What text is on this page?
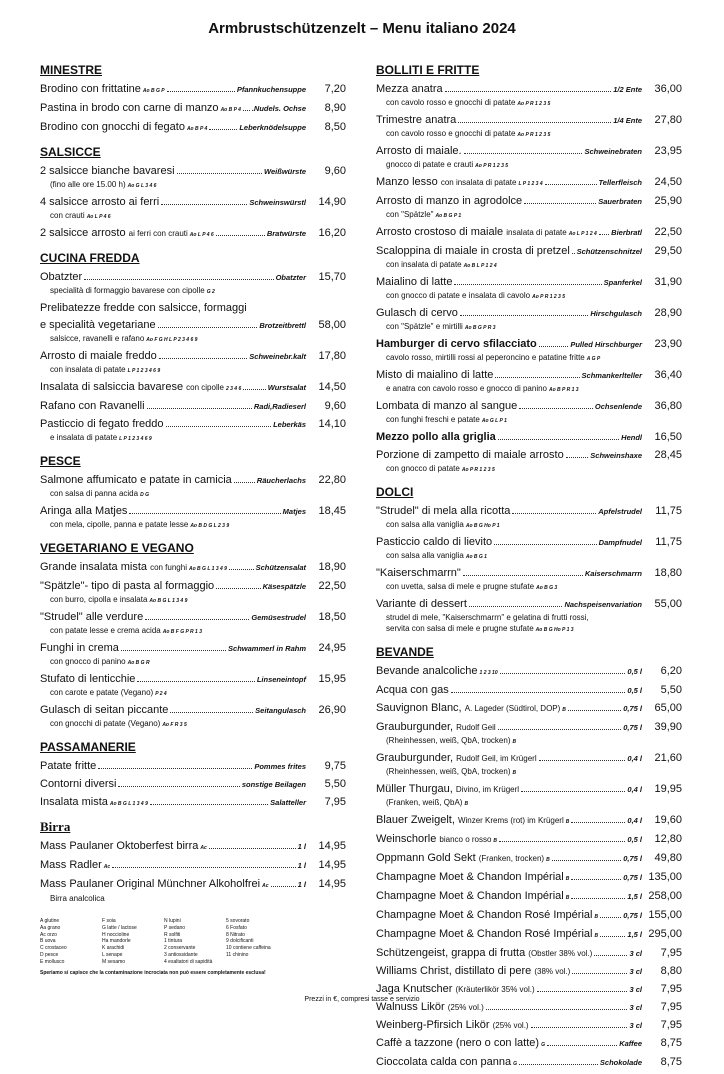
Armbrustschützenzelt – Menu italiano 2024
MINESTRE
Brodino con frittatine Ao B G P	Pfannkuchensuppe	7,20
Pastina in brodo con carne di manzo Ao B P 4 .Nudels. Ochse	8,90
Brodino con gnocchi di fegato Ao B P 4	Leberknödelsuppe	8,50
SALSICCE
2 salsicce bianche bavaresi	Weißwürste	9,60
(fino alle ore 15.00 h) Ao G L 3 4 6
4 salsicce arrosto ai ferri	Schweinswürstl	14,90
con crauti Ao L P 4 6
2 salsicce arrosto ai ferri con crauti Ao L P 4 6	Bratwürste	16,20
CUCINA FREDDA
Obatzter	Obatzter	15,70
specialità di formaggio bavarese con cipolle G 2
Prelibatezze fredde con salsicce, formaggi
e specialità vegetariane	Brotzeitbrettl	58,00
salsicce, ravanelli e rafano Ao F G H L P 2 3 4 6 9
Arrosto di maiale freddo	Schweinebr.kalt	17,80
con insalata di patate L P 1 2 3 4 6 9
Insalata di salsiccia bavarese con cipolle 2 3 4 6	Wurstsalat	14,50
Rafano con Ravanelli	Radi,Radieserl	9,60
Pasticcio di fegato freddo	Leberkäs	14,10
e insalata di patate L P 1 2 3 4 6 9
PESCE
Salmone affumicato e patate in camicia	Räucherlachs	22,80
con salsa di panna acida D G
Aringa alla Matjes	Matjes	18,45
con mela, cipolle, panna e patate lesse Ao B D G L 2 3 9
VEGETARIANO E VEGANO
Grande insalata mista con funghi Ao B G L 1 3 4 9	Schützensalat	18,90
"Spätzle"- tipo di pasta al formaggio	Käsespätzle	22,50
con burro, cipolla e insalata Ao B G L 1 3 4 9
"Strudel" alle verdure	Gemüsestrudel	18,50
con patate lesse e crema acida Ao B F G P R 1 3
Funghi in crema	Schwammerl in Rahm	24,95
con gnocco di panino Ao B G R
Stufato di lenticchie	Linseneintopf	15,95
con carote e patate (Vegano) P 2 4
Gulasch di seitan piccante	Seitangulasch	26,90
con gnocchi di patate (Vegano) Ao F R 3 5
PASSAMANERIE
Patate fritte	Pommes frites	9,75
Contorni diversi	sonstige Beilagen	5,50
Insalata mista Ao B G L 1 3 4 9	Salatteller	7,95
Birra
Mass Paulaner Oktoberfest birra Ac	1 l	14,95
Mass Radler Ac	1 l	14,95
Mass Paulaner Original Münchner Alkoholfrei Ac	1 l	14,95
Birra analcolica
BOLLITI E FRITTE
Mezza anatra	1/2 Ente	36,00
con cavolo rosso e gnocchi di patate Ao P R 1 2 3 5
Trimestre anatra	1/4 Ente	27,80
con cavolo rosso e gnocchi di patate Ao P R 1 2 3 5
Arrosto di maiale.	Schweinebraten	23,95
gnocco di patate e crauti Ao P R 1 2 3 5
Manzo lesso con insalata di patate L P 1 2 3 4	Tellerfleisch	24,50
Arrosto di manzo in agrodolce	Sauerbraten	25,90
con "Spätzle" Ao B G P 1
Arrosto crostoso di maiale insalata di patate Ao L P 1 2 4 Bierbratl	22,50
Scaloppina di maiale in crosta di pretzel Schützenschnitzel	29,50
con insalata di patate Ao B L P 1 2 4
Maialino di latte	Spanferkel	31,90
con gnocco di patate e insalata di cavolo Ao P R 1 2 3 5
Gulasch di cervo	Hirschgulasch	28,90
con "Spätzle" e mirtilli Ao B G P R 3
Hamburger di cervo sfilacciato	Pulled Hirschburger	23,90
cavolo rosso, mirtilli rossi al peperoncino e patatine fritte A G P
Misto di maialino di latte	Schmankerlteller	36,40
e anatra con cavolo rosso e gnocco di panino Ao B P R 1 3
Lombata di manzo al sangue	Ochsenlende	36,80
con funghi freschi e patate Ao G L P 1
Mezzo pollo alla griglia	Hendl	16,50
Porzione di zampetto di maiale arrosto	Schweinshaxe	28,45
con gnocco di patate Ao P R 1 2 3 5
DOLCI
"Strudel" di mela alla ricotta	Apfelstrudel	11,75
con salsa alla vaniglia Ao B G Ho P 1
Pasticcio caldo di lievito	Dampfnudel	11,75
con salsa alla vaniglia Ao B G 1
"Kaiserschmarrn"	Kaiserschmarrn	18,80
con uvetta, salsa di mele e prugne stufate Ao B G 3
Variante di dessert	Nachspeisenvariation	55,00
strudel di mele, "Kaiserschmarrn" e gelatina di frutti rossi,
servita con salsa di mele e prugne stufate Ao B G Ho P 1 3
BEVANDE
Bevande analcoliche 1 2 3 10	0,5 l	6,20
Acqua con gas	0,5 l	5,50
Sauvignon Blanc, A. Lageder (Südtirol, DOP) B	0,75 l	65,00
Grauburgunder, Rudolf Geil	0,75 l	39,90
(Rheinhessen, weiß, QbA, trocken) B
Grauburgunder, Rudolf Geil, im Krügerl	0,4 l	21,60
(Rheinhessen, weiß, QbA, trocken) B
Müller Thurgau, Divino, im Krügerl	0,4 l	19,95
(Franken, weiß, QbA) B
Blauer Zweigelt, Winzer Krems (rot) im Krügerl B	0,4 l	19,60
Weinschorle bianco o rosso B	0,5 l	12,80
Oppmann Gold Sekt (Franken, trocken) B	0,75 l	49,80
Champagne Moet & Chandon Impérial B	0,75 l 135,00
Champagne Moet & Chandon Impérial B	1,5 l 258,00
Champagne Moet & Chandon Rosé Impérial B	0,75 l 155,00
Champagne Moet & Chandon Rosé Impérial B	1,5 l 295,00
Schützengeist, grappa di frutta (Obstler 38% vol.)	3 cl	7,95
Williams Christ, distillato di pere (38% vol.)	3 cl	8,80
Jaga Knutscher (Kräuterlikör 35% vol.)	3 cl	7,95
Walnuss Likör (25% vol.)	3 cl	7,95
Weinberg-Pfirsich Likör (25% vol.)	3 cl	7,95
Caffè a tazzone (nero o con latte) G	Kaffee	8,75
Cioccolata calda con panna G	Schokolade	8,75
A glutine	F soia	N lupini	5 sovorato
Aa grano	G latte / lactose	P sedano	6 Fosfato
Ac orzo	H noccioline	R solfiti	8 Nitrato
B uova	Ha mandorle	1 tintura	9 dolcificanti
C crostaceo	K arachidi	2 conservante	10 contiene caffeina
D pesce	L senape	3 antiossidante	11 chinino
E mollusco	M sesamo	4 esaltatori di sapidità
Speriamo si capisce che la contaminazione incrociata non può essere completamente esclusa!
Prezzi in €, compresi tasse e servizio
